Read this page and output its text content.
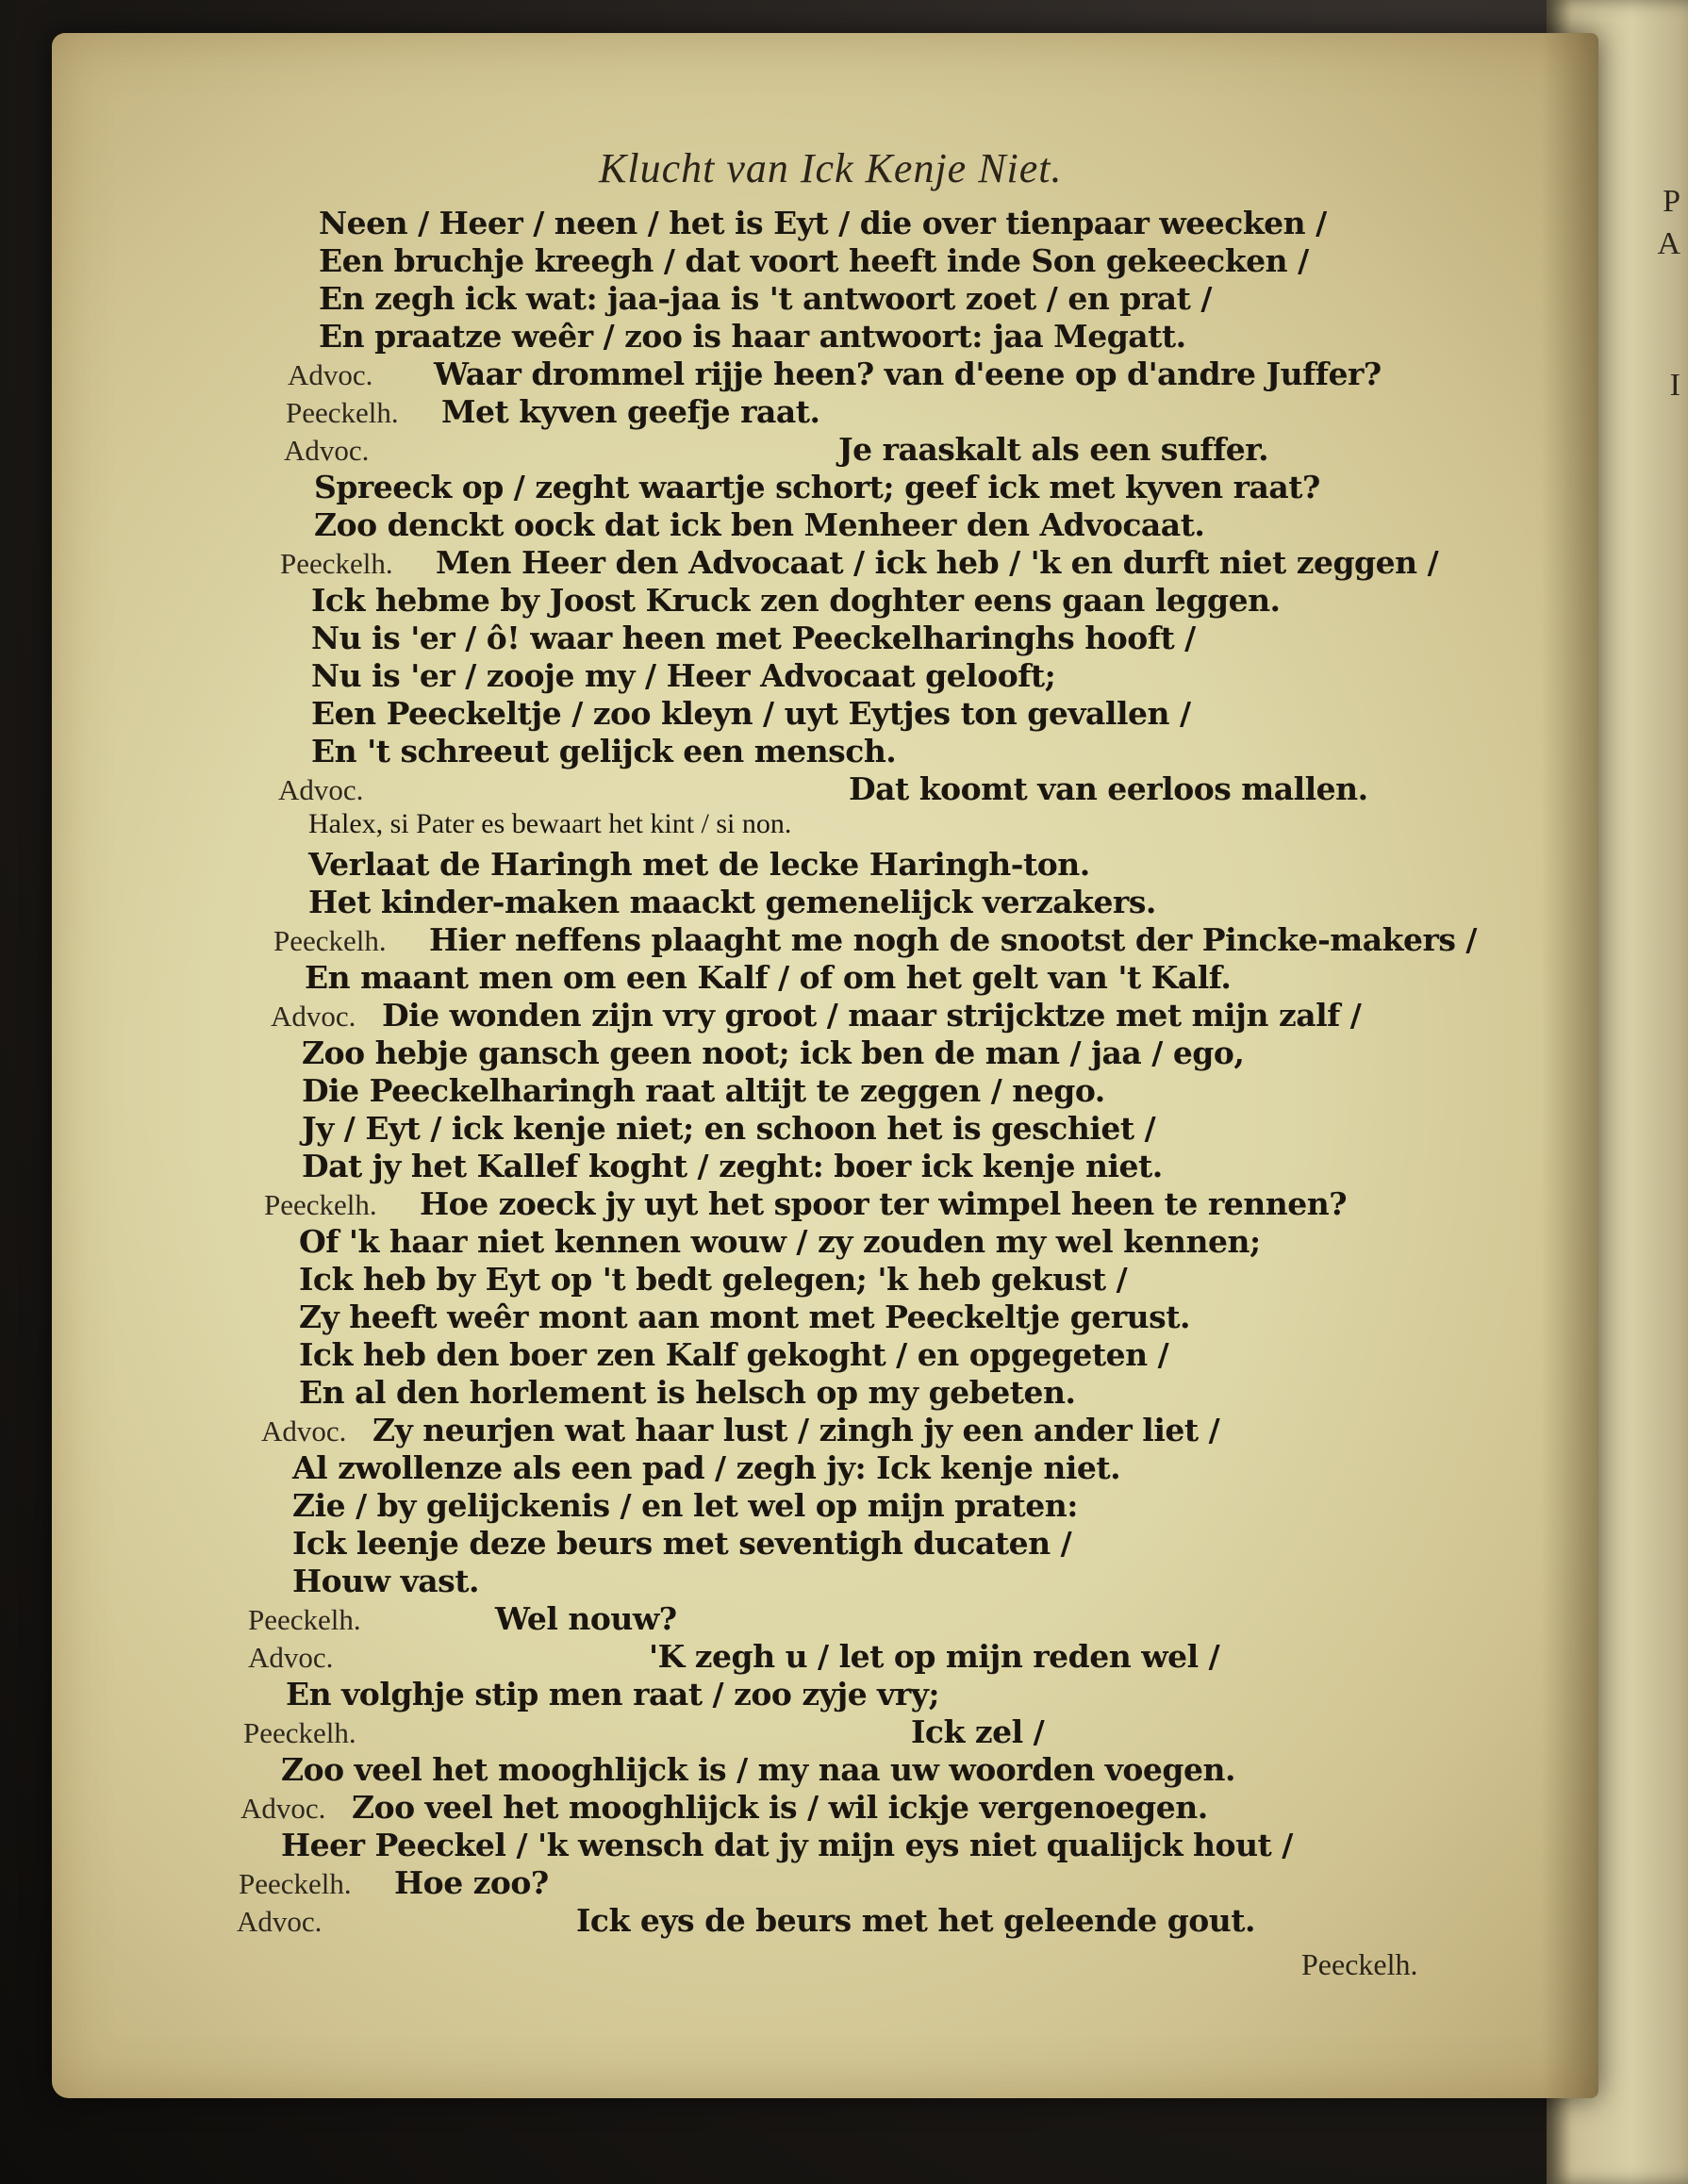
P
A
I
Klucht van Ick Kenje Niet.
Neen / Heer / neen / het is Eyt / die over tienpaar weecken /
Een bruchje kreegh / dat voort heeft inde Son gekeecken /
En zegh ick wat: jaa-jaa is 't antwoort zoet / en prat /
En praatze weêr / zoo is haar antwoort: jaa Megatt.
Advoc. Waar drommel rijje heen? van d'eene op d'andre Juffer?
Peeckelh. Met kyven geefje raat.
Advoc.	Je raaskalt als een suffer.
Spreeck op / zeght waartje schort; geef ick met kyven raat?
Zoo denckt oock dat ick ben Menheer den Advocaat.
Peeckelh. Men Heer den Advocaat / ick heb / 'k en durft niet zeggen /
Ick hebme by Joost Kruck zen doghter eens gaan leggen.
Nu is 'er / ô! waar heen met Peeckelharinghs hooft /
Nu is 'er / zooje my / Heer Advocaat gelooft;
Een Peeckeltje / zoo kleyn / uyt Eytjes ton gevallen /
En 't schreeut gelijck een mensch.
Advoc.	Dat koomt van eerloos mallen.
Halex, si Pater es bewaart het kint / si non.
Verlaat de Haringh met de lecke Haringh-ton.
Het kinder-maken maackt gemenelijck verzakers.
Peeckelh. Hier neffens plaaght me nogh de snootst der Pincke-makers /
En maant men om een Kalf / of om het gelt van 't Kalf.
Advoc. Die wonden zijn vry groot / maar strijcktze met mijn zalf /
Zoo hebje gansch geen noot; ick ben de man / jaa / ego,
Die Peeckelharingh raat altijt te zeggen / nego.
Jy / Eyt / ick kenje niet; en schoon het is geschiet /
Dat jy het Kallef koght / zeght: boer ick kenje niet.
Peeckelh. Hoe zoeck jy uyt het spoor ter wimpel heen te rennen?
Of 'k haar niet kennen wouw / zy zouden my wel kennen;
Ick heb by Eyt op 't bedt gelegen; 'k heb gekust /
Zy heeft weêr mont aan mont met Peeckeltje gerust.
Ick heb den boer zen Kalf gekoght / en opgegeten /
En al den horlement is helsch op my gebeten.
Advoc. Zy neurjen wat haar lust / zingh jy een ander liet /
Al zwollenze als een pad / zegh jy: Ick kenje niet.
Zie / by gelijckenis / en let wel op mijn praten:
Ick leenje deze beurs met seventigh ducaten /
Houw vast.
Peeckelh.	Wel nouw?
Advoc.	'K zegh u / let op mijn reden wel /
En volghje stip men raat / zoo zyje vry;
Peeckelh.	Ick zel /
Zoo veel het mooghlijck is / my naa uw woorden voegen.
Advoc. Zoo veel het mooghlijck is / wil ickje vergenoegen.
Heer Peeckel / 'k wensch dat jy mijn eys niet qualijck hout /
Peeckelh. Hoe zoo?
Advoc.	Ick eys de beurs met het geleende gout.
Peeckelh.
